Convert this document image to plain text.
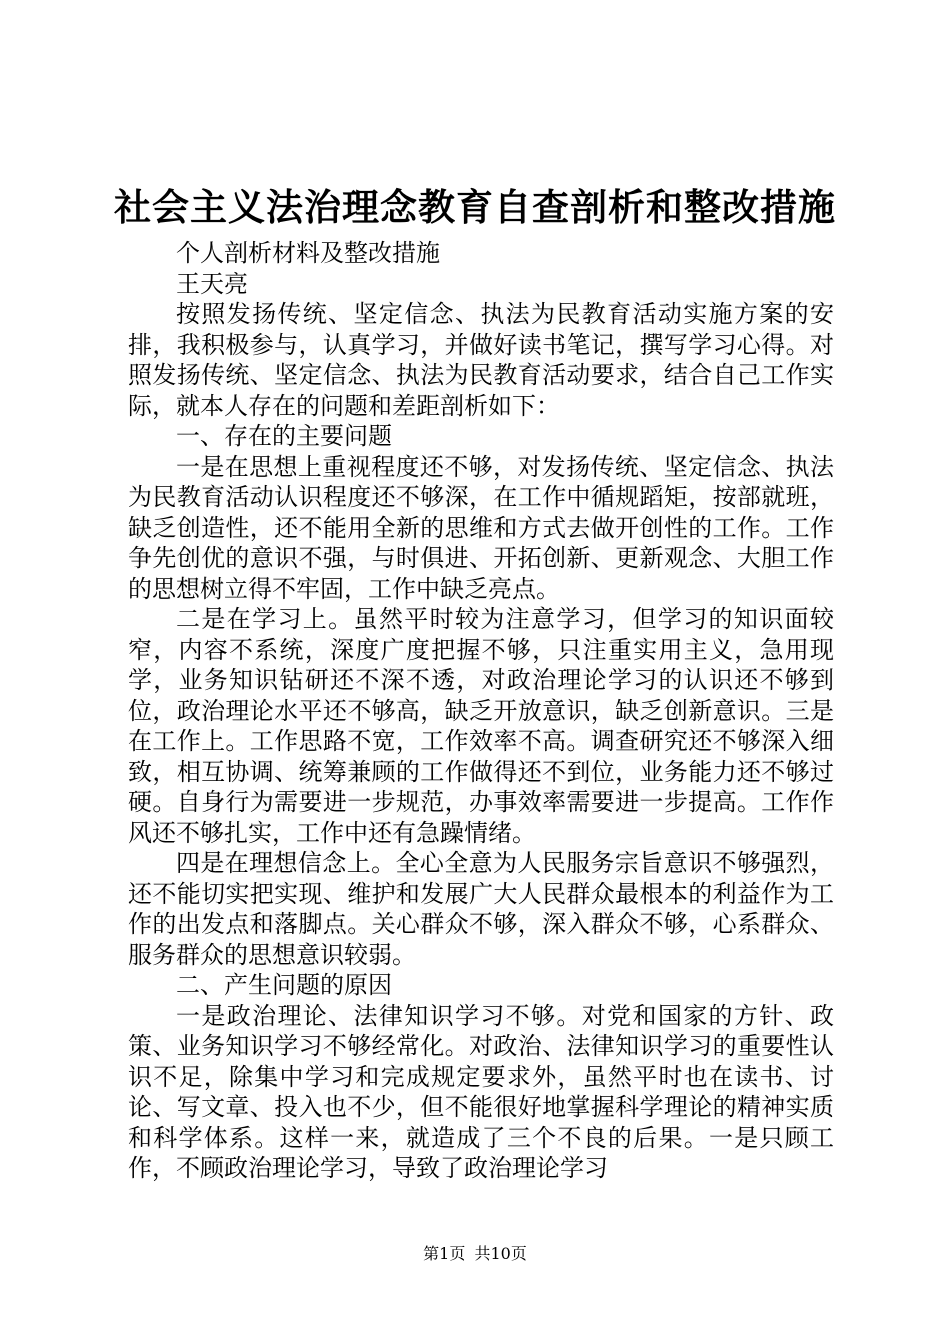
社会主义法治理念教育自查剖析和整改措施

个人剖析材料及整改措施

王天亮

按照发扬传统、坚定信念、执法为民教育活动实施方案的安排，我积极参与，认真学习，并做好读书笔记，撰写学习心得。对照发扬传统、坚定信念、执法为民教育活动要求，结合自己工作实际，就本人存在的问题和差距剖析如下：

一、存在的主要问题

一是在思想上重视程度还不够，对发扬传统、坚定信念、执法为民教育活动认识程度还不够深，在工作中循规蹈矩，按部就班，缺乏创造性，还不能用全新的思维和方式去做开创性的工作。工作争先创优的意识不强，与时俱进、开拓创新、更新观念、大胆工作的思想树立得不牢固，工作中缺乏亮点。

二是在学习上。虽然平时较为注意学习，但学习的知识面较窄，内容不系统，深度广度把握不够，只注重实用主义，急用现学，业务知识钻研还不深不透，对政治理论学习的认识还不够到位，政治理论水平还不够高，缺乏开放意识，缺乏创新意识。三是在工作上。工作思路不宽，工作效率不高。调查研究还不够深入细致，相互协调、统筹兼顾的工作做得还不到位，业务能力还不够过硬。自身行为需要进一步规范，办事效率需要进一步提高。工作作风还不够扎实，工作中还有急躁情绪。

四是在理想信念上。全心全意为人民服务宗旨意识不够强烈，还不能切实把实现、维护和发展广大人民群众最根本的利益作为工作的出发点和落脚点。关心群众不够，深入群众不够，心系群众、服务群众的思想意识较弱。

二、产生问题的原因

一是政治理论、法律知识学习不够。对党和国家的方针、政策、业务知识学习不够经常化。对政治、法律知识学习的重要性认识不足，除集中学习和完成规定要求外，虽然平时也在读书、讨论、写文章、投入也不少，但不能很好地掌握科学理论的精神实质和科学体系。这样一来，就造成了三个不良的后果。一是只顾工作，不顾政治理论学习，导致了政治理论学习

第1页 共10页
